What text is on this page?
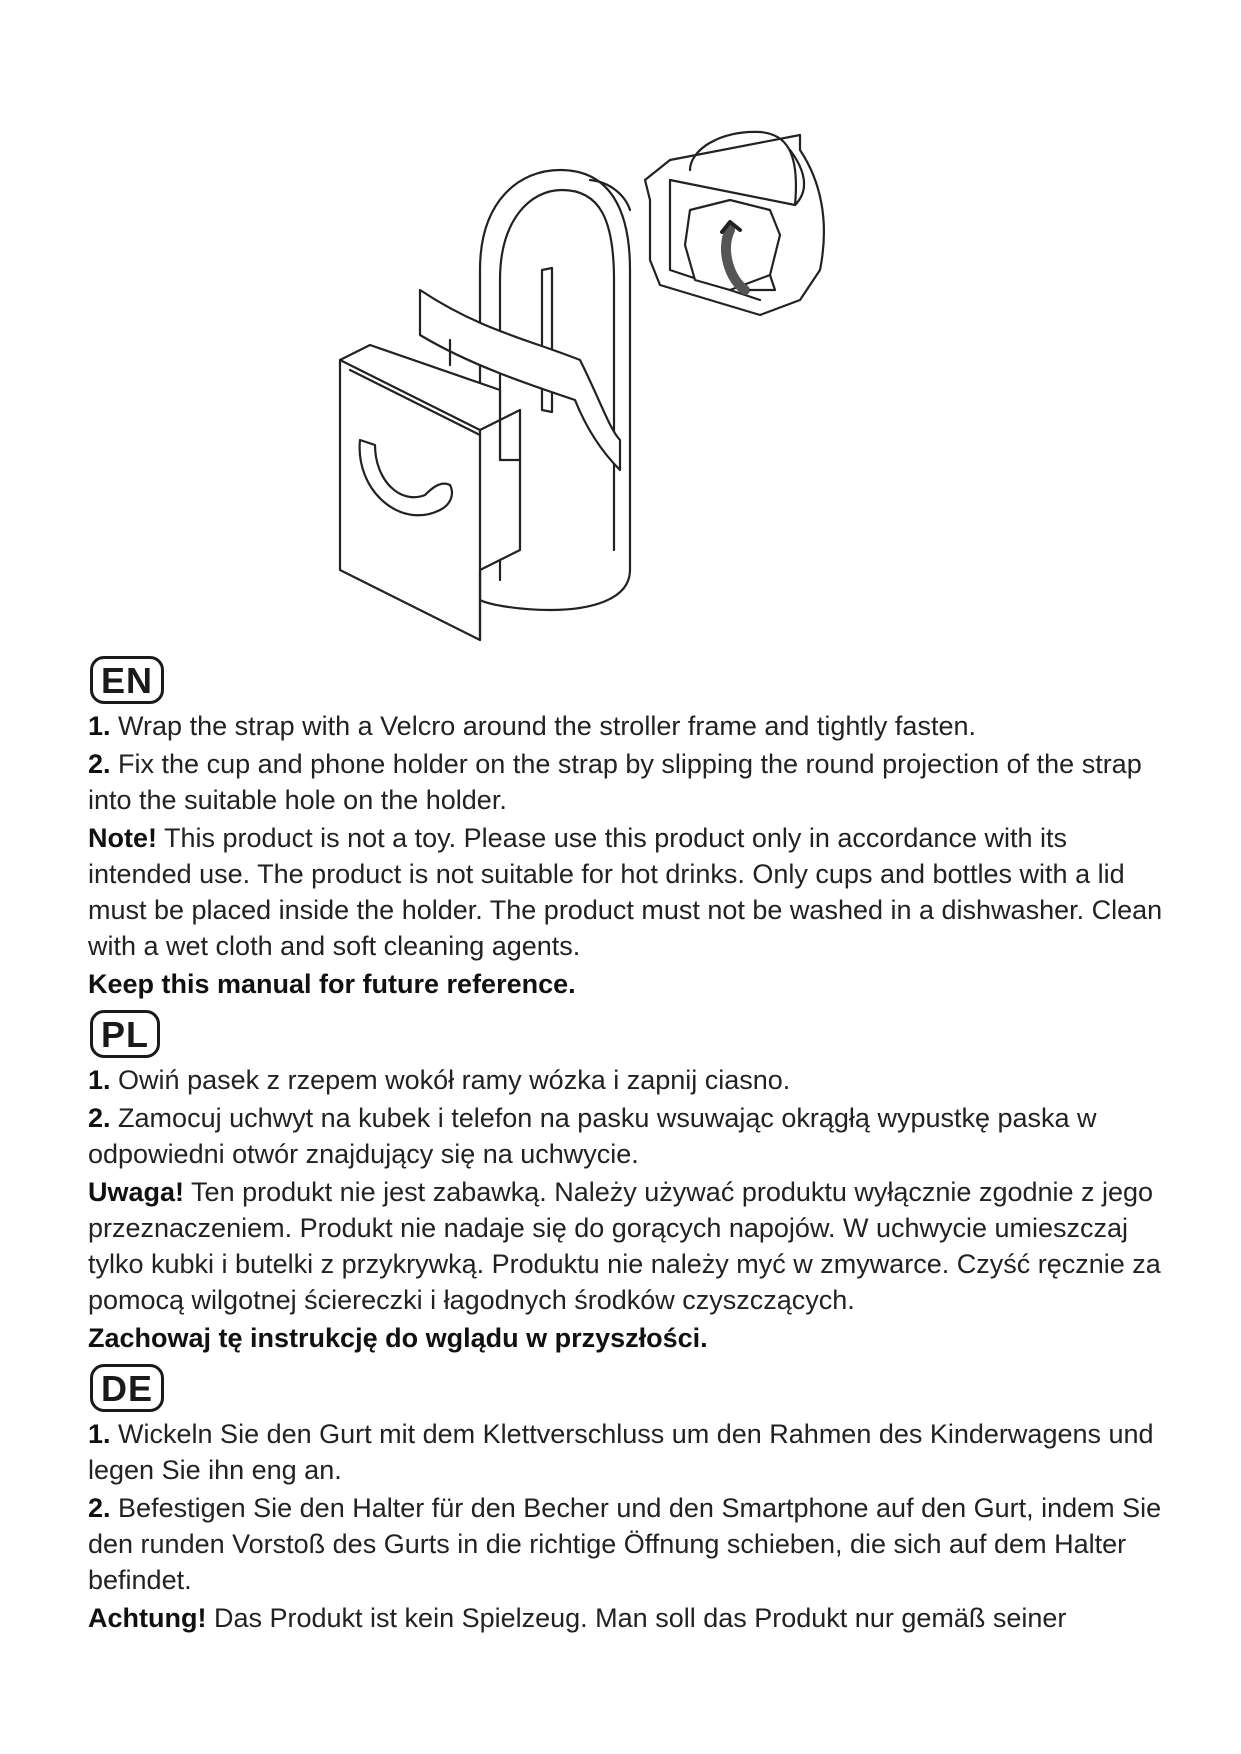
EN

1. Wrap the strap with a Velcro around the stroller frame and tightly fasten.

2. Fix the cup and phone holder on the strap by slipping the round projection of the strap into the suitable hole on the holder.

Note! This product is not a toy. Please use this product only in accordance with its intended use. The product is not suitable for hot drinks. Only cups and bottles with a lid must be placed inside the holder. The product must not be washed in a dishwasher. Clean with a wet cloth and soft cleaning agents.

Keep this manual for future reference.
PL

1. Owiń pasek z rzepem wokół ramy wózka i zapnij ciasno.

2. Zamocuj uchwyt na kubek i telefon na pasku wsuwając okrągłą wypustkę paska w odpowiedni otwór znajdujący się na uchwycie.

Uwaga! Ten produkt nie jest zabawką. Należy używać produktu wyłącznie zgodnie z jego przeznaczeniem. Produkt nie nadaje się do gorących napojów. W uchwycie umieszczaj tylko kubki i butelki z przykrywką. Produktu nie należy myć w zmywarce. Czyść ręcznie za pomocą wilgotnej ściereczki i łagodnych środków czyszczących.

Zachowaj tę instrukcję do wglądu w przyszłości.
DE

1. Wickeln Sie den Gurt mit dem Klettverschluss um den Rahmen des Kinderwagens und legen Sie ihn eng an.

2. Befestigen Sie den Halter für den Becher und den Smartphone auf den Gurt, indem Sie den runden Vorstoß des Gurts in die richtige Öffnung schieben, die sich auf dem Halter befindet.

Achtung! Das Produkt ist kein Spielzeug. Man soll das Produkt nur gemäß seiner
